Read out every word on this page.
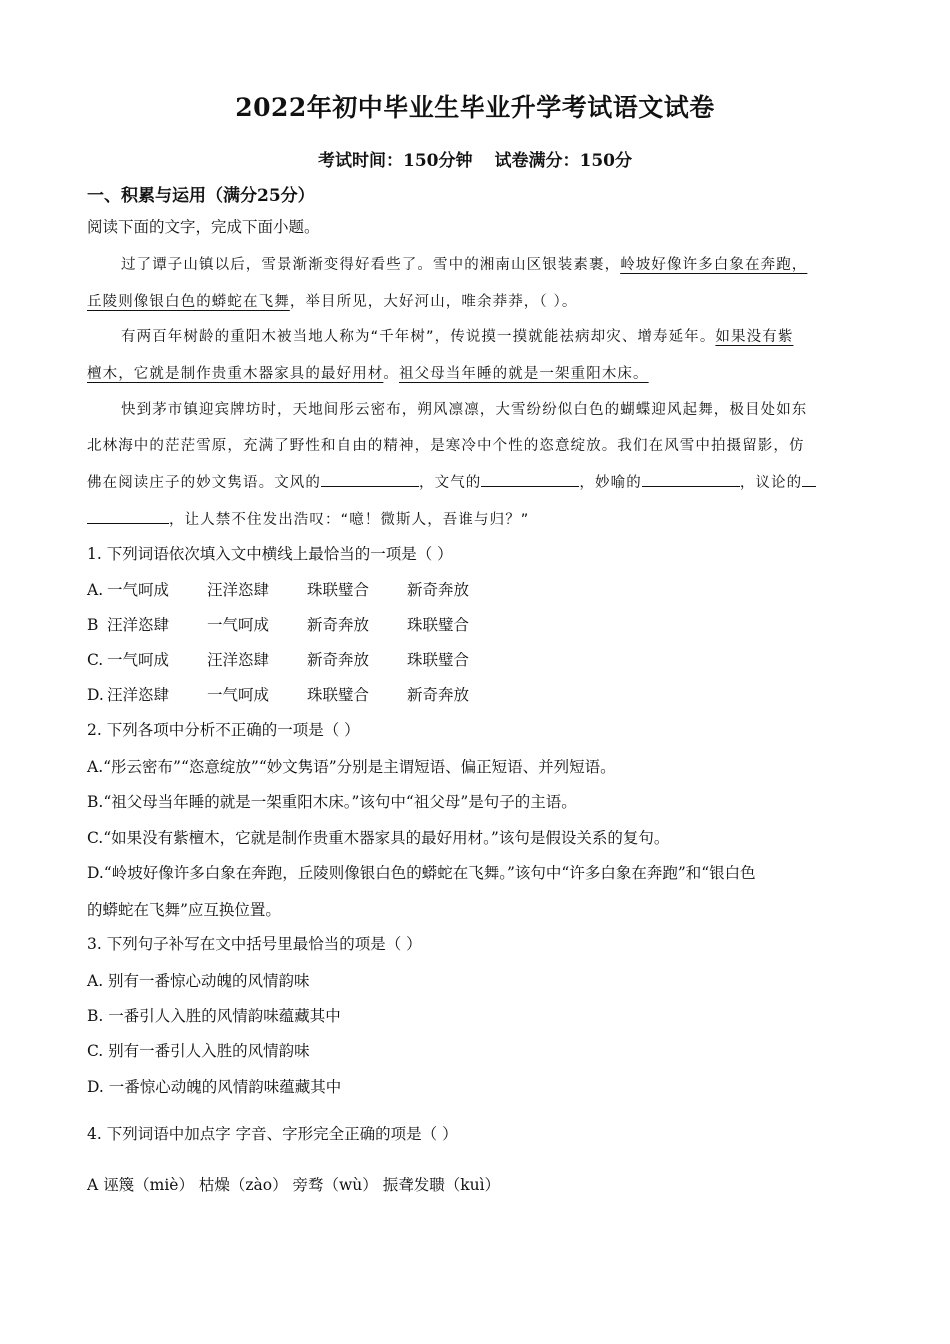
2022年初中毕业生毕业升学考试语文试卷
考试时间：150分钟 试卷满分：150分
一、积累与运用（满分25分）
阅读下面的文字，完成下面小题。
过了谭子山镇以后，雪景渐渐变得好看些了。雪中的湘南山区银装素裹，岭坡好像许多白象在奔跑，
丘陵则像银白色的蟒蛇在飞舞，举目所见，大好河山，唯余莽莽，（ ）。
有两百年树龄的重阳木被当地人称为“千年树”，传说摸一摸就能祛病却灾、增寿延年。如果没有紫
檀木，它就是制作贵重木器家具的最好用材。祖父母当年睡的就是一架重阳木床。
快到茅市镇迎宾牌坊时，天地间彤云密布，朔风凛凛，大雪纷纷似白色的蝴蝶迎风起舞，极目处如东
北林海中的茫茫雪原，充满了野性和自由的精神，是寒冷中个性的恣意绽放。我们在风雪中拍摄留影，仿
佛在阅读庄子的妙文隽语。文风的	，文气的	，妙喻的	，议论的
，让人禁不住发出浩叹：“噫！微斯人，吾谁与归？”
1. 下列词语依次填入文中横线上最恰当的一项是（ ）
A. 一气呵成 汪洋恣肆 珠联璧合 新奇奔放
B 汪洋恣肆 一气呵成 新奇奔放 珠联璧合
C. 一气呵成 汪洋恣肆 新奇奔放 珠联璧合
D. 汪洋恣肆 一气呵成 珠联璧合 新奇奔放
2. 下列各项中分析不正确的一项是（ ）
A.“彤云密布”“恣意绽放”“妙文隽语”分别是主谓短语、偏正短语、并列短语。
B.“祖父母当年睡的就是一架重阳木床。”该句中“祖父母”是句子的主语。
C.“如果没有紫檀木，它就是制作贵重木器家具的最好用材。”该句是假设关系的复句。
D.“岭坡好像许多白象在奔跑，丘陵则像银白色的蟒蛇在飞舞。”该句中“许多白象在奔跑”和“银白色
的蟒蛇在飞舞”应互换位置。
3. 下列句子补写在文中括号里最恰当的项是（ ）
A. 别有一番惊心动魄的风情韵味
B. 一番引人入胜的风情韵味蕴藏其中
C. 别有一番引人入胜的风情韵味
D. 一番惊心动魄的风情韵味蕴藏其中
4. 下列词语中加点字 字音、字形完全正确的项是（ ）
A 诬篾（miè） 枯燥（zào） 旁骛（wù） 振聋发聩（kuì）
